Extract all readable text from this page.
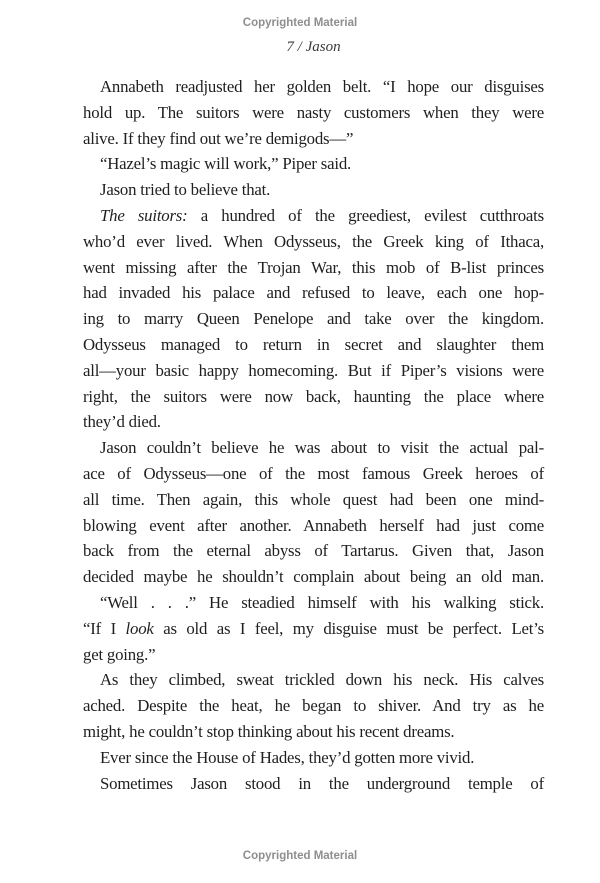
Copyrighted Material
7 / Jason
Annabeth readjusted her golden belt. “I hope our disguises
hold up. The suitors were nasty customers when they were
alive. If they find out we’re demigods—”
“Hazel’s magic will work,” Piper said.
Jason tried to believe that.
The suitors: a hundred of the greediest, evilest cutthroats
who’d ever lived. When Odysseus, the Greek king of Ithaca,
went missing after the Trojan War, this mob of B-list princes
had invaded his palace and refused to leave, each one hop-
ing to marry Queen Penelope and take over the kingdom.
Odysseus managed to return in secret and slaughter them
all—your basic happy homecoming. But if Piper’s visions were
right, the suitors were now back, haunting the place where
they’d died.
Jason couldn’t believe he was about to visit the actual pal-
ace of Odysseus—one of the most famous Greek heroes of
all time. Then again, this whole quest had been one mind-
blowing event after another. Annabeth herself had just come
back from the eternal abyss of Tartarus. Given that, Jason
decided maybe he shouldn’t complain about being an old man.
“Well . . .” He steadied himself with his walking stick.
“If I look as old as I feel, my disguise must be perfect. Let’s
get going.”
As they climbed, sweat trickled down his neck. His calves
ached. Despite the heat, he began to shiver. And try as he
might, he couldn’t stop thinking about his recent dreams.
Ever since the House of Hades, they’d gotten more vivid.
Sometimes Jason stood in the underground temple of
Copyrighted Material
